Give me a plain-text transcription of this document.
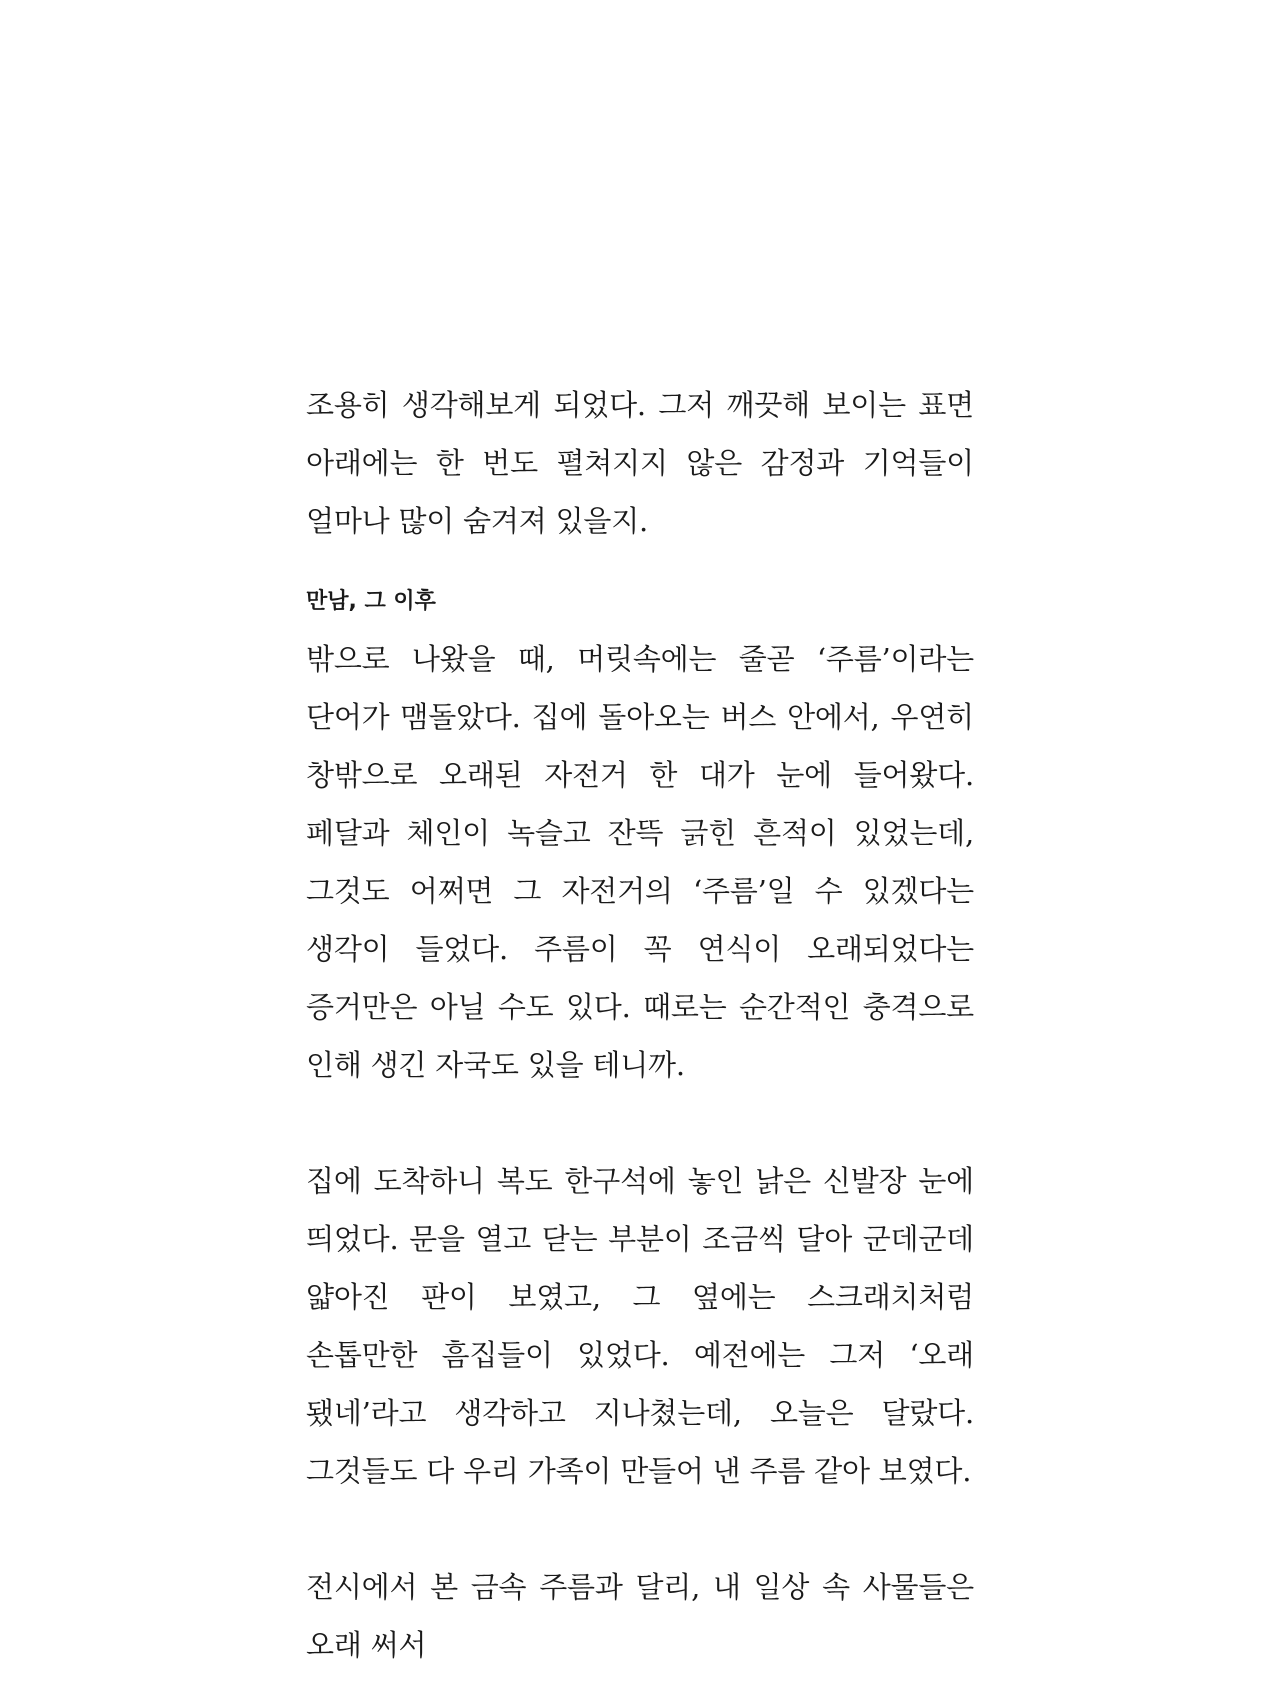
조용히 생각해보게 되었다. 그저 깨끗해 보이는 표면 아래에는 한 번도 펼쳐지지 않은 감정과 기억들이 얼마나 많이 숨겨져 있을지.

만남, 그 이후

밖으로 나왔을 때, 머릿속에는 줄곧 ‘주름’이라는 단어가 맴돌았다. 집에 돌아오는 버스 안에서, 우연히 창밖으로 오래된 자전거 한 대가 눈에 들어왔다. 페달과 체인이 녹슬고 잔뜩 긁힌 흔적이 있었는데, 그것도 어쩌면 그 자전거의 ‘주름’일 수 있겠다는 생각이 들었다. 주름이 꼭 연식이 오래되었다는 증거만은 아닐 수도 있다. 때로는 순간적인 충격으로 인해 생긴 자국도 있을 테니까.

집에 도착하니 복도 한구석에 놓인 낡은 신발장 눈에 띄었다. 문을 열고 닫는 부분이 조금씩 달아 군데군데 얇아진 판이 보였고, 그 옆에는 스크래치처럼 손톱만한 흠집들이 있었다. 예전에는 그저 ‘오래 됐네’라고 생각하고 지나쳤는데, 오늘은 달랐다. 그것들도 다 우리 가족이 만들어 낸 주름 같아 보였다.

전시에서 본 금속 주름과 달리, 내 일상 속 사물들은 오래 써서
